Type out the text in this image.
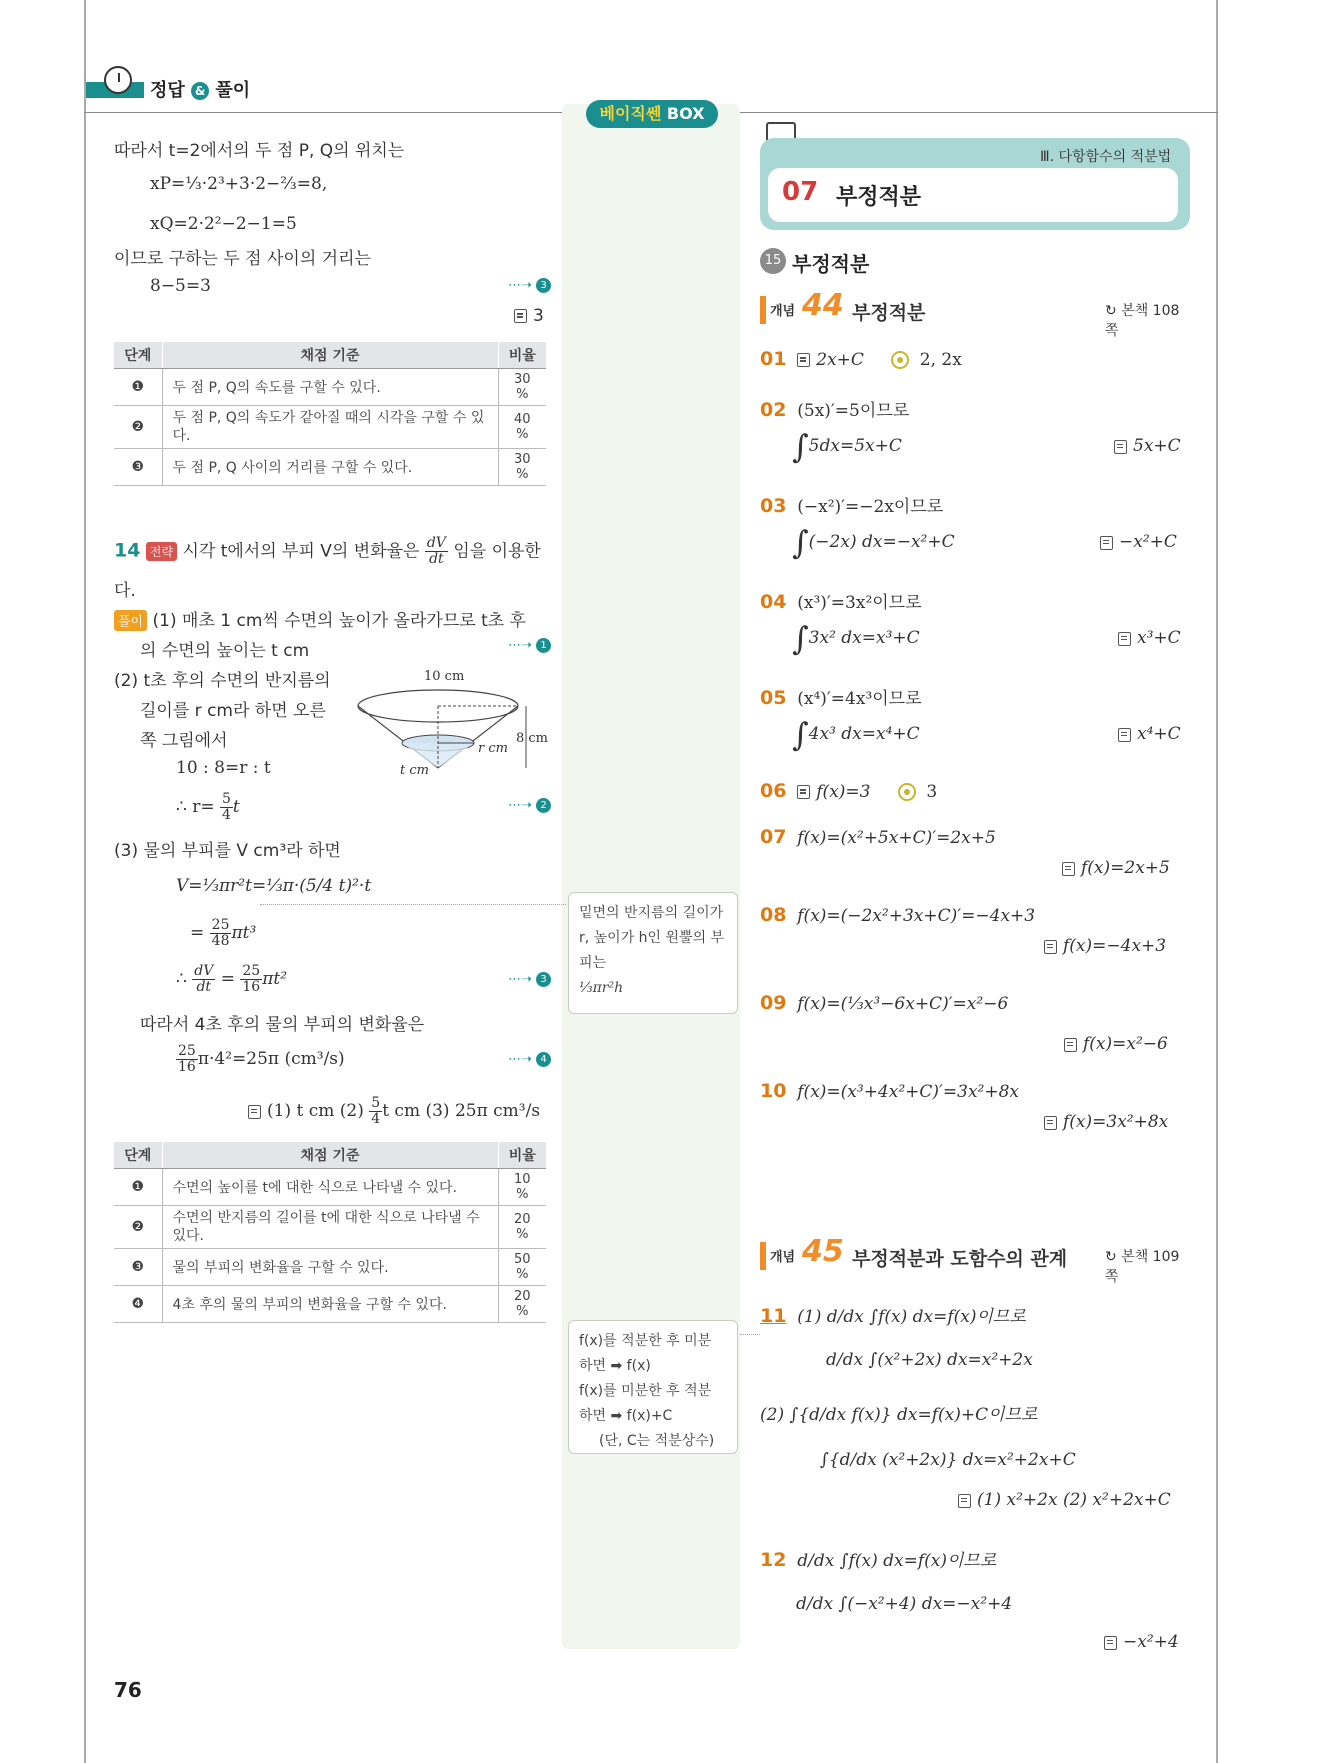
정답 & 풀이
베이직쎈 BOX
밑면의 반지름의 길이가
r, 높이가 h인 원뿔의 부
피는
⅓πr²h
f(x)를 적분한 후 미분
하면 ➡ f(x)
f(x)를 미분한 후 적분
하면 ➡ f(x)+C
(단, C는 적분상수)
따라서 t=2에서의 두 점 P, Q의 위치는
xP=⅓·2³+3·2−⅔=8,
xQ=2·2²−2−1=5
이므로 구하는 두 점 사이의 거리는
8−5=3	⋯➝ 3
3
단계	채점 기준	비율
❶	두 점 P, Q의 속도를 구할 수 있다.	30 %
❷	두 점 P, Q의 속도가 같아질 때의 시각을 구할 수 있다.	40 %
❸	두 점 P, Q 사이의 거리를 구할 수 있다.	30 %
14 전략 시각 t에서의 부피 V의 변화율은 $\frac{dV}{dt}$ 임을 이용한
다.
풀이 (1) 매초 1 cm씩 수면의 높이가 올라가므로 t초 후
의 수면의 높이는 t cm	⋯➝ 1
(2) t초 후의 수면의 반지름의
길이를 r cm라 하면 오른
쪽 그림에서
10 : 8=r : t
∴ $r= \frac{5}{4}$ t	⋯➝ 2
10 cm
8 cm
r cm
t cm
(3) 물의 부피를 V cm³라 하면
V=⅓πr²t=⅓π·(5/4 t)²·t
= $\frac{25}{48} \pi t^3$
∴ $\frac{dV}{dt} = \frac{25}{16} \pi t^2$	⋯➝ 3
따라서 4초 후의 물의 부피의 변화율은
$\frac{25}{16} \pi\cdot 4^2=25\pi$ (cm³/s)	⋯➝ 4
(1) t cm $(2) \frac{5}{4}$ t cm (3) 25π cm³/s
단계	채점 기준	비율
❶	수면의 높이를 t에 대한 식으로 나타낼 수 있다.	10 %
❷	수면의 반지름의 길이를 t에 대한 식으로 나타낼 수 있다.	20 %
❸	물의 부피의 변화율을 구할 수 있다.	50 %
❹	4초 후의 물의 부피의 변화율을 구할 수 있다.	20 %
76
Ⅲ. 다항함수의 적분법
07 부정적분
15 부정적분
개념 44 부정적분	↻ 본책 108쪽
01 2x+C	2, 2x
02 (5x)′=5이므로
∫5dx=5x+C	5x+C
03 (−x²)′=−2x이므로
∫(−2x) dx=−x²+C	−x²+C
04 (x³)′=3x²이므로
∫3x² dx=x³+C	x³+C
05 (x⁴)′=4x³이므로
∫4x³ dx=x⁴+C	x⁴+C
06 f(x)=3	3
07 f(x)=(x²+5x+C)′=2x+5
f(x)=2x+5
08 f(x)=(−2x²+3x+C)′=−4x+3
f(x)=−4x+3
09 f(x)=(⅓x³−6x+C)′=x²−6
f(x)=x²−6
10 f(x)=(x³+4x²+C)′=3x²+8x
f(x)=3x²+8x
개념 45 부정적분과 도함수의 관계	↻ 본책 109쪽
11 (1) d/dx ∫f(x) dx=f(x)이므로
d/dx ∫(x²+2x) dx=x²+2x
(2) ∫{d/dx f(x)} dx=f(x)+C이므로
∫{d/dx (x²+2x)} dx=x²+2x+C
(1) x²+2x (2) x²+2x+C
12 d/dx ∫f(x) dx=f(x)이므로
d/dx ∫(−x²+4) dx=−x²+4
−x²+4
